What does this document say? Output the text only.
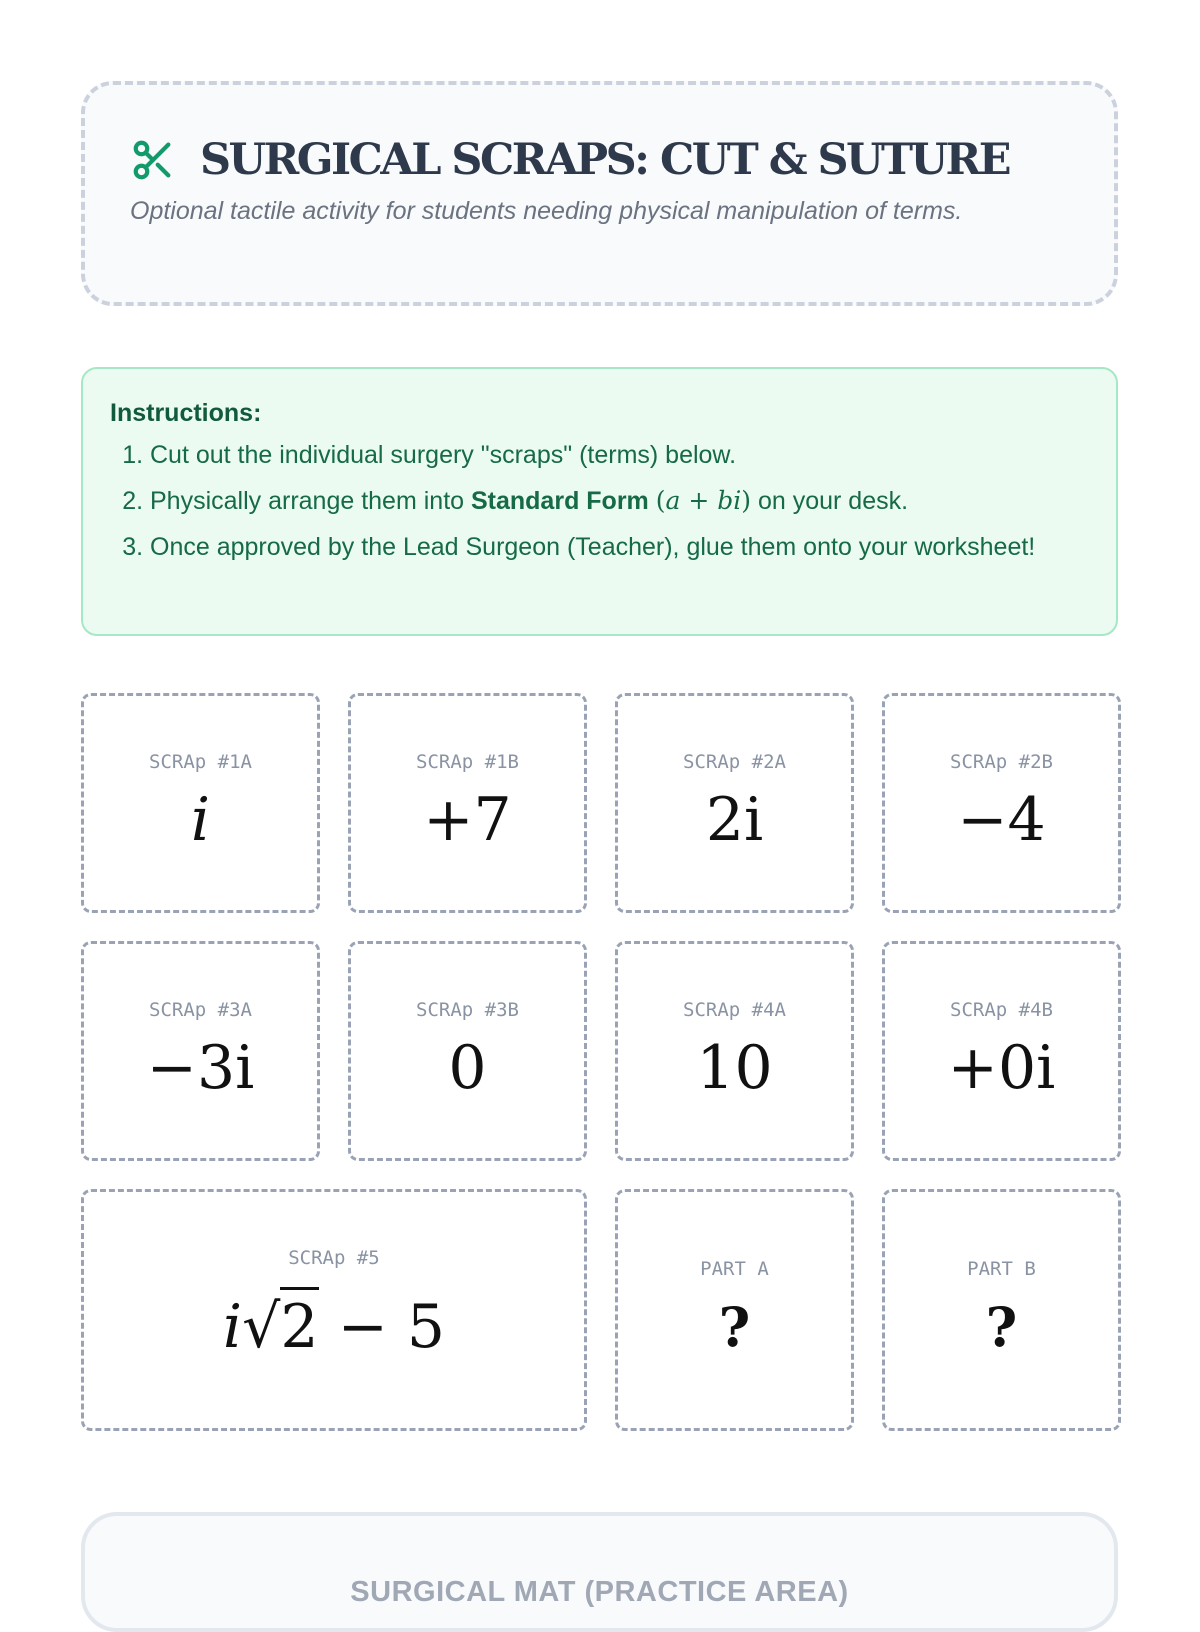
SURGICAL SCRAPS: CUT & SUTURE
Optional tactile activity for students needing physical manipulation of terms.
Instructions:
1. Cut out the individual surgery "scraps" (terms) below.
2. Physically arrange them into Standard Form (a + bi) on your desk.
3. Once approved by the Lead Surgeon (Teacher), glue them onto your worksheet!
SCRAp #1A
i
SCRAp #1B
+7
SCRAp #2A
2i
SCRAp #2B
−4
SCRAp #3A
−3i
SCRAp #3B
0
SCRAp #4A
10
SCRAp #4B
+0i
SCRAp #5
i√2 − 5
PART A
?
PART B
?
SURGICAL MAT (PRACTICE AREA)
